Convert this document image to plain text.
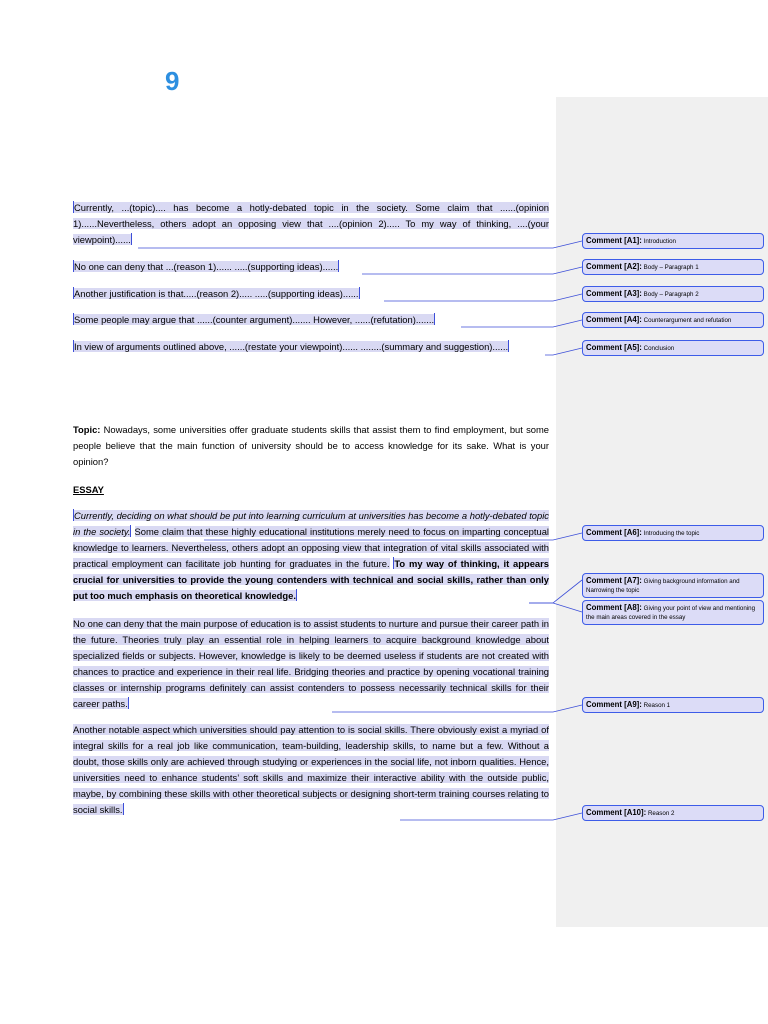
9
Currently, ...(topic).... has become a hotly-debated topic in the society. Some claim that ......(opinion 1)......Nevertheless, others adopt an opposing view that ....(opinion 2)..... To my way of thinking, ....(your viewpoint)......
No one can deny that ...(reason 1)...... .....(supporting ideas)......
Another justification is that.....(reason 2)..... .....(supporting ideas)......
Some people may argue that ......(counter argument)....... However, ......(refutation).......
In view of arguments outlined above, ......(restate your viewpoint)...... ........(summary and suggestion)......
Topic: Nowadays, some universities offer graduate students skills that assist them to find employment, but some people believe that the main function of university should be to access knowledge for its sake. What is your opinion?
ESSAY
Currently, deciding on what should be put into learning curriculum at universities has become a hotly-debated topic in the society. Some claim that these highly educational institutions merely need to focus on imparting conceptual knowledge to learners. Nevertheless, others adopt an opposing view that integration of vital skills associated with practical employment can facilitate job hunting for graduates in the future. To my way of thinking, it appears crucial for universities to provide the young contenders with technical and social skills, rather than only put too much emphasis on theoretical knowledge.
No one can deny that the main purpose of education is to assist students to nurture and pursue their career path in the future. Theories truly play an essential role in helping learners to acquire background knowledge about specialized fields or subjects. However, knowledge is likely to be deemed useless if students are not created with chances to practice and experience in their real life. Bridging theories and practice by opening vocational training classes or internship programs definitely can assist contenders to possess necessarily technical skills for their career paths.
Another notable aspect which universities should pay attention to is social skills. There obviously exist a myriad of integral skills for a real job like communication, team-building, leadership skills, to name but a few. Without a doubt, those skills only are achieved through studying or experiences in the social life, not inborn qualities. Hence, universities need to enhance students’ soft skills and maximize their interactive ability with the outside public, maybe, by combining these skills with other theoretical subjects or designing short-term training courses relating to social skills.
Comment [A1]: Introduction
Comment [A2]: Body – Paragraph 1
Comment [A3]: Body – Paragraph 2
Comment [A4]: Counterargument and refutation
Comment [A5]: Conclusion
Comment [A6]: Introducing the topic
Comment [A7]: Giving background information and Narrowing the topic
Comment [A8]: Giving your point of view and mentioning the main areas covered in the essay
Comment [A9]: Reason 1
Comment [A10]: Reason 2
